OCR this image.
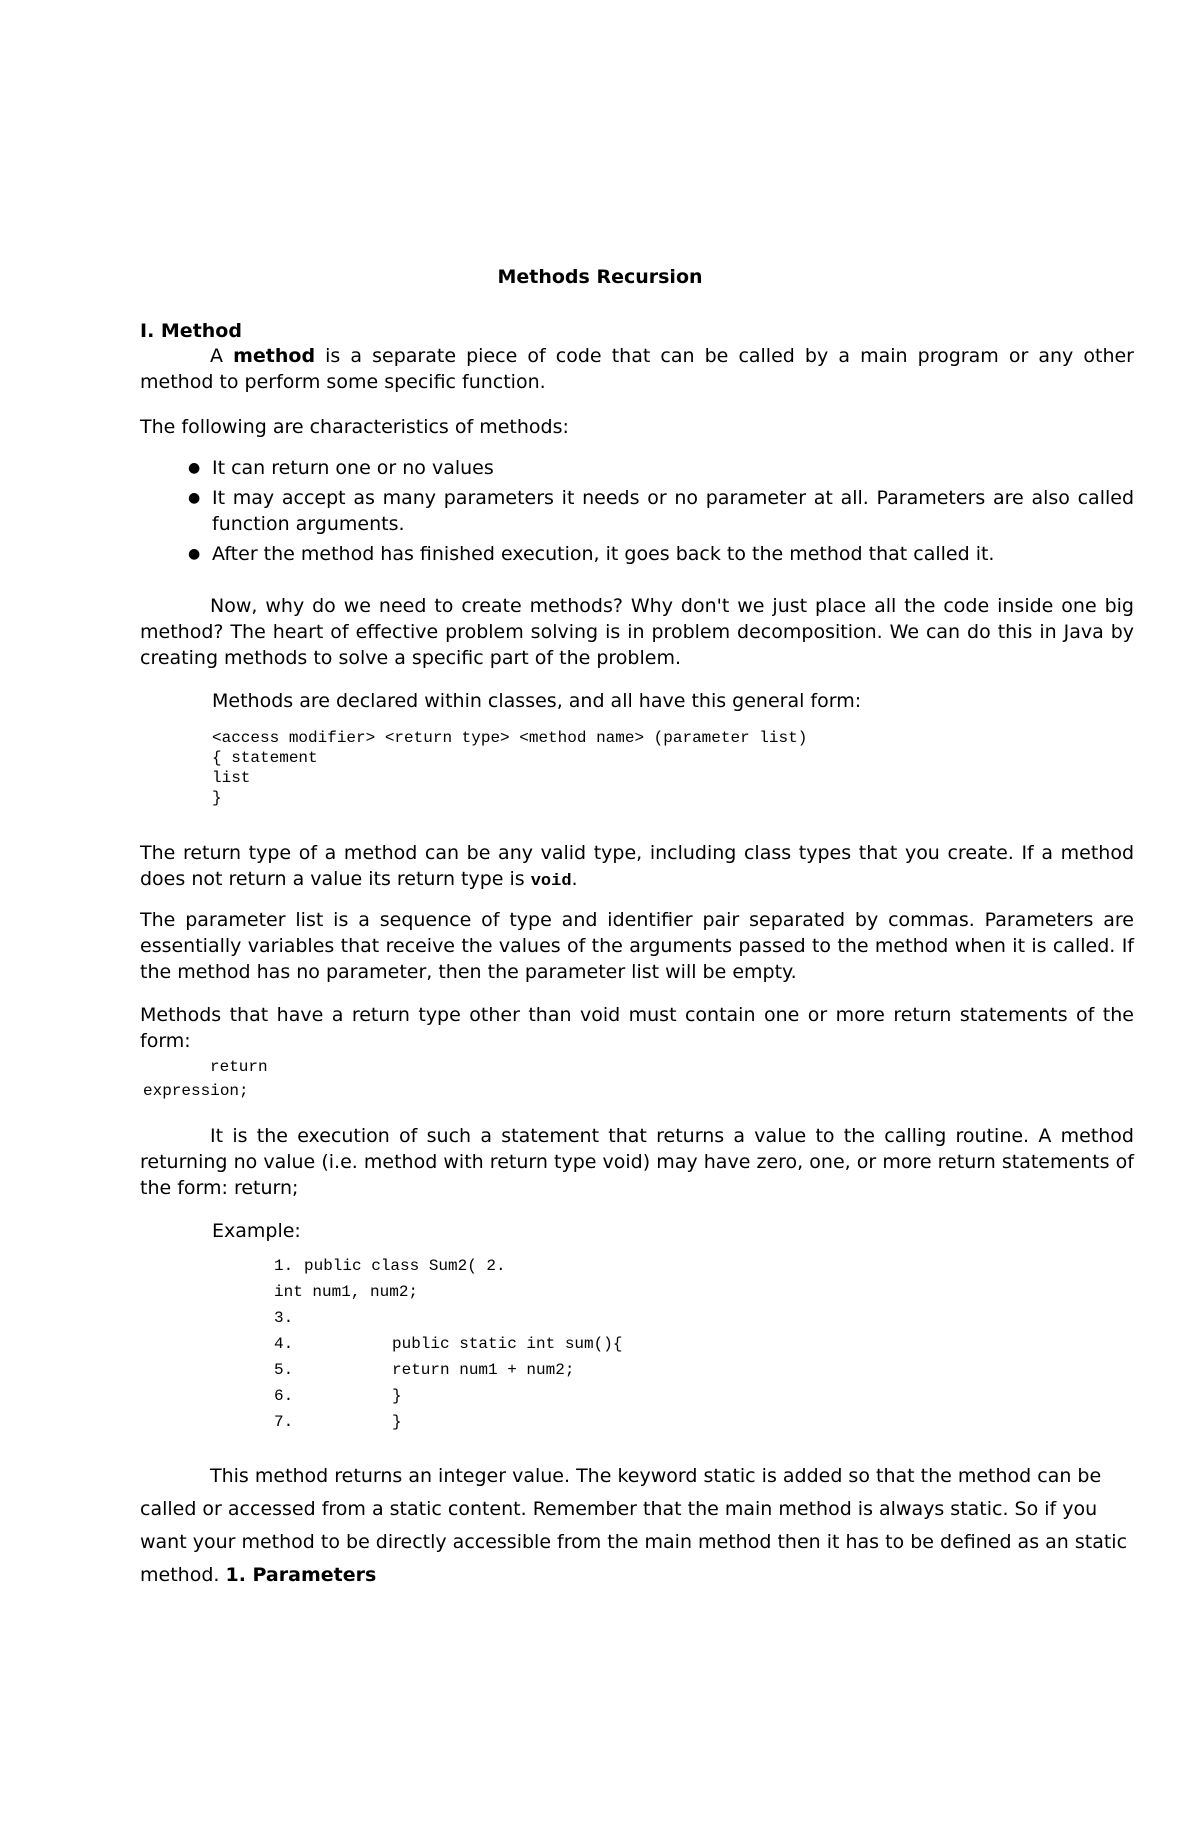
Methods Recursion
I. Method
A method is a separate piece of code that can be called by a main program or any other method to perform some specific function.
The following are characteristics of methods:
● It can return one or no values
● It may accept as many parameters it needs or no parameter at all. Parameters are also called function arguments.
● After the method has finished execution, it goes back to the method that called it.
Now, why do we need to create methods? Why don't we just place all the code inside one big method? The heart of effective problem solving is in problem decomposition. We can do this in Java by creating methods to solve a specific part of the problem.
Methods are declared within classes, and all have this general form:
<access modifier> <return type> <method name> (parameter list)
{ statement
list
}
The return type of a method can be any valid type, including class types that you create. If a method does not return a value its return type is void.
The parameter list is a sequence of type and identifier pair separated by commas. Parameters are essentially variables that receive the values of the arguments passed to the method when it is called. If the method has no parameter, then the parameter list will be empty.
Methods that have a return type other than void must contain one or more return statements of the form:
return
expression;
It is the execution of such a statement that returns a value to the calling routine. A method returning no value (i.e. method with return type void) may have zero, one, or more return statements of the form: return;
Example:
1. public class Sum2( 2.
int num1, num2;
3.
4.	public static int sum(){
5.	return num1 + num2;
6.	}
7.	}
This method returns an integer value. The keyword static is added so that the method can be called or accessed from a static content. Remember that the main method is always static. So if you want your method to be directly accessible from the main method then it has to be defined as an static method. 1. Parameters
